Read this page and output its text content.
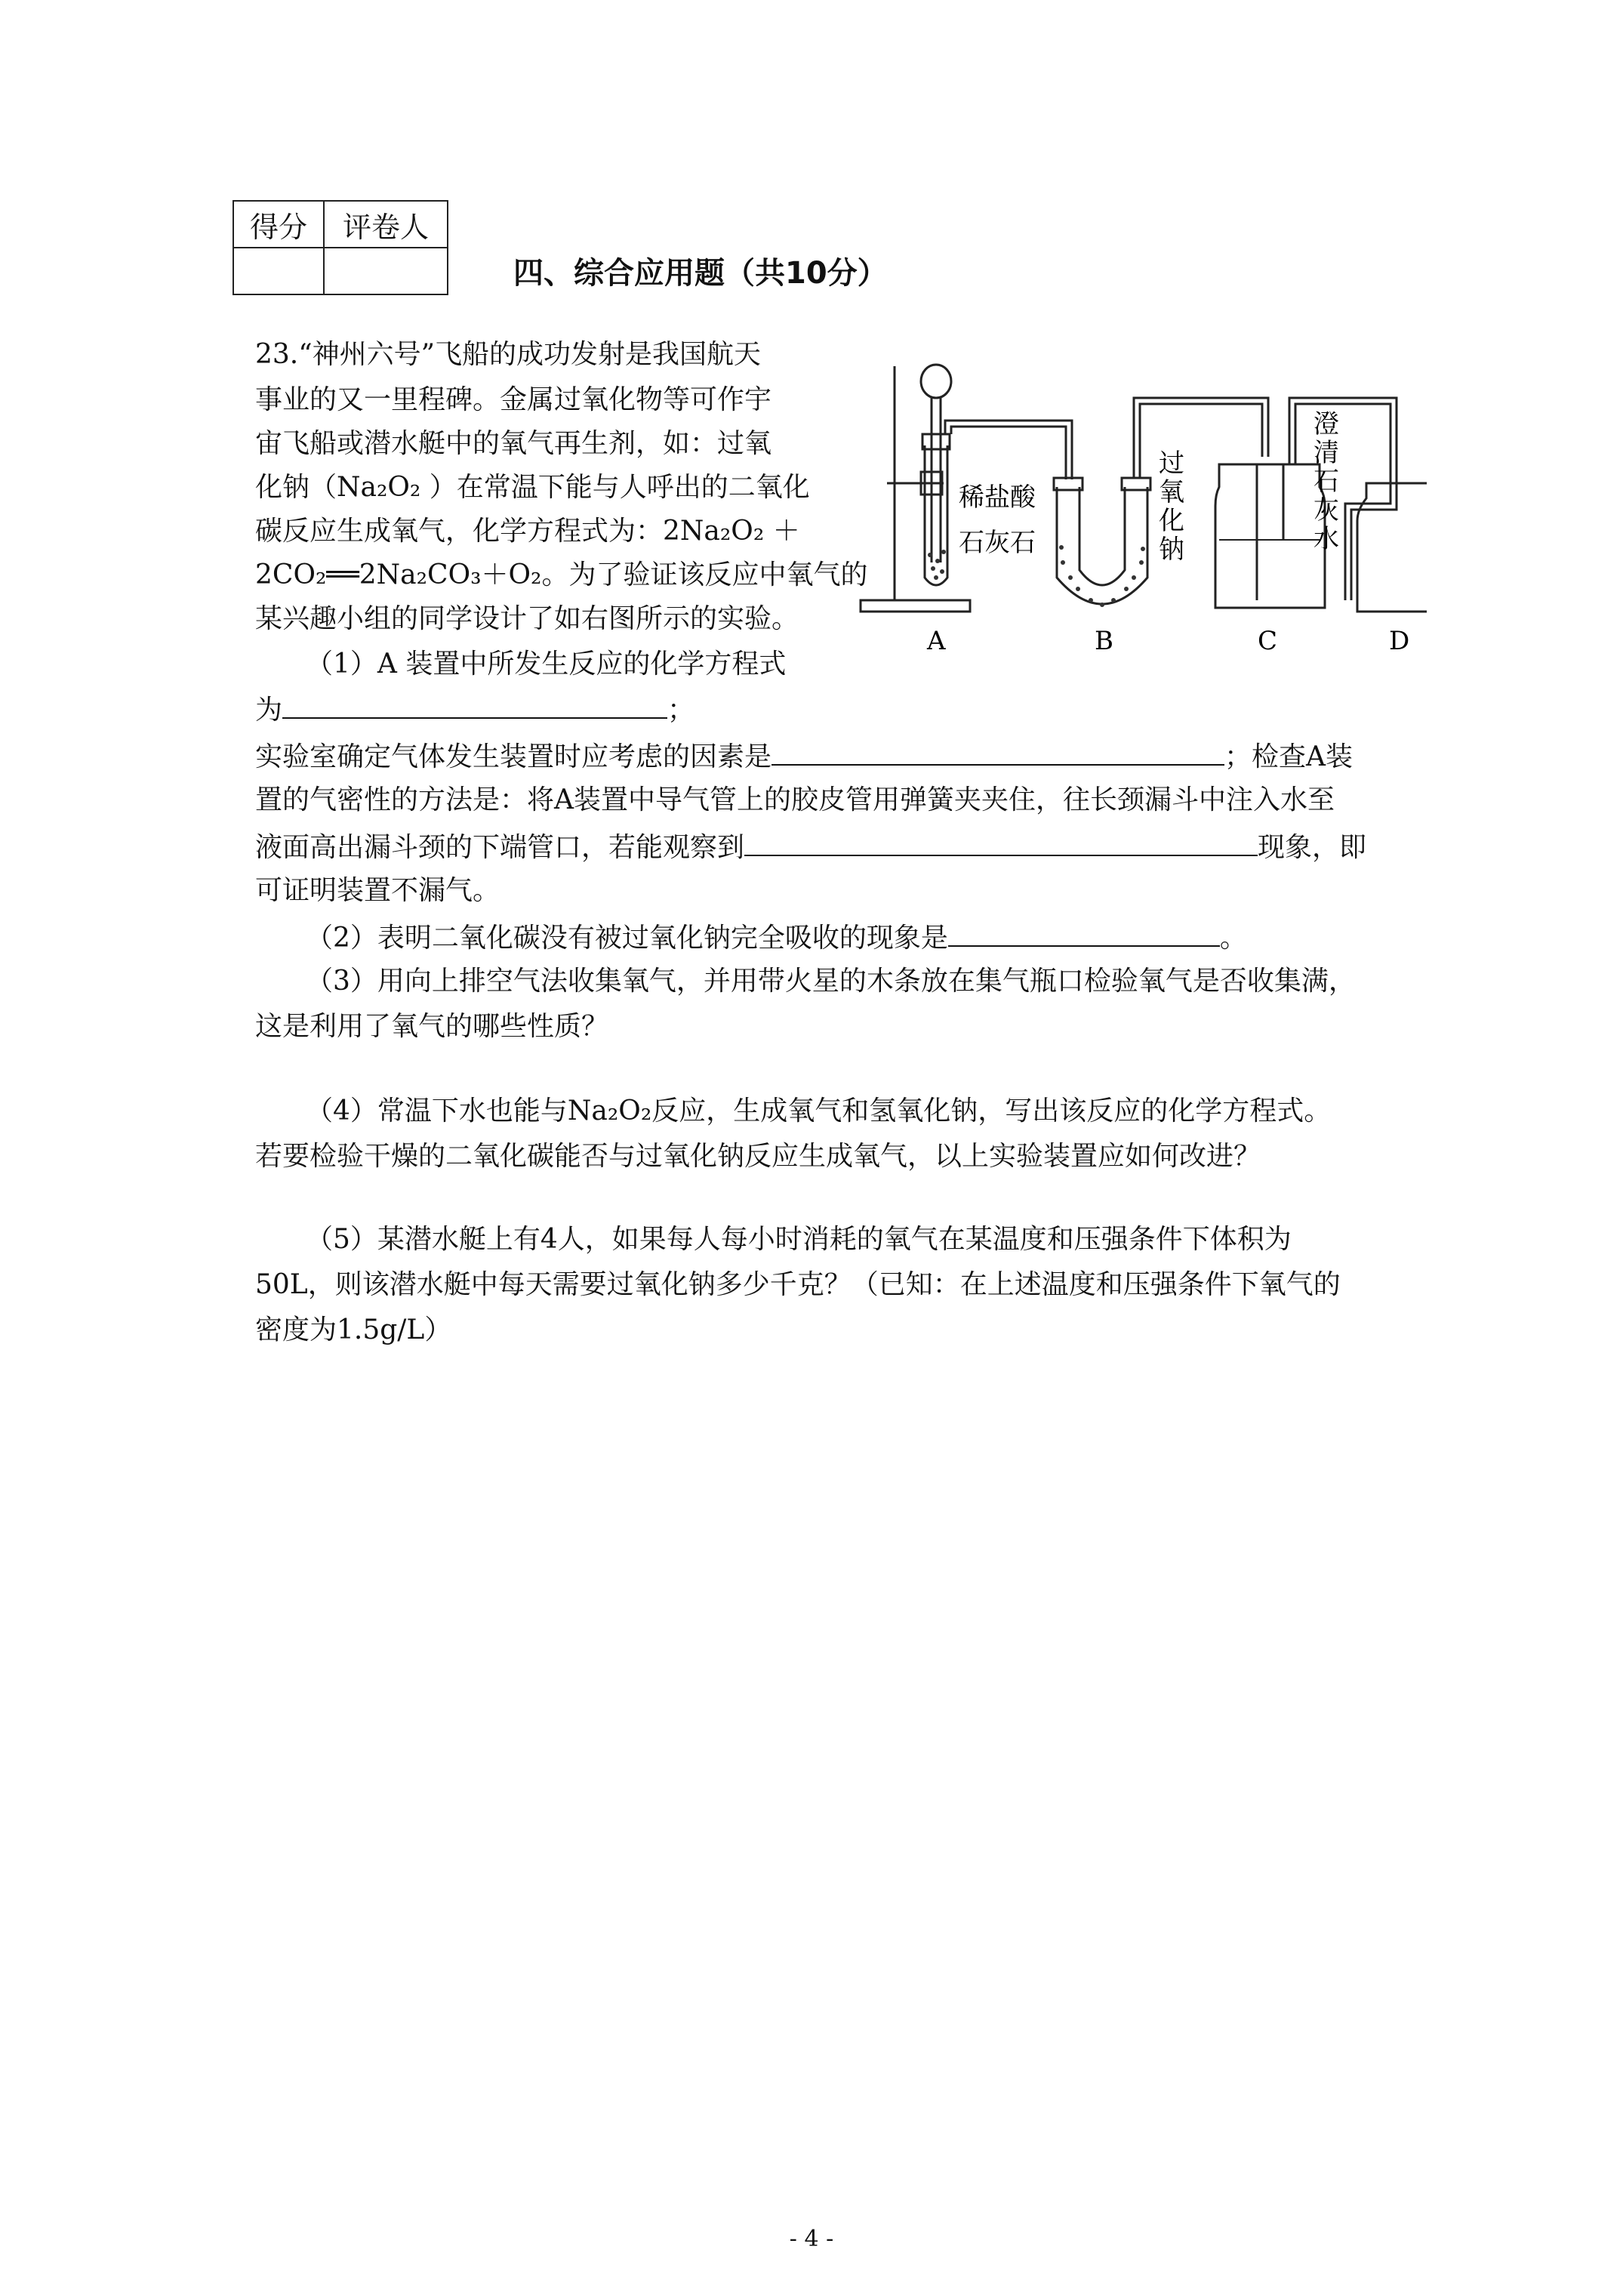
得分	评卷人

四、综合应用题（共10分）
23.“神州六号”飞船的成功发射是我国航天
事业的又一里程碑。金属过氧化物等可作宇
宙飞船或潜水艇中的氧气再生剂，如：过氧
化钠（Na₂O₂ ）在常温下能与人呼出的二氧化
碳反应生成氧气，化学方程式为：2Na₂O₂ ＋
2CO₂══2Na₂CO₃＋O₂。为了验证该反应中氧气的
某兴趣小组的同学设计了如右图所示的实验。
（1）A 装置中所发生反应的化学方程式
为	；
实验室确定气体发生装置时应考虑的因素是	；检查A装
置的气密性的方法是：将A装置中导气管上的胶皮管用弹簧夹夹住，往长颈漏斗中注入水至
液面高出漏斗颈的下端管口，若能观察到	现象，即
可证明装置不漏气。
（2）表明二氧化碳没有被过氧化钠完全吸收的现象是	。
（3）用向上排空气法收集氧气，并用带火星的木条放在集气瓶口检验氧气是否收集满，
这是利用了氧气的哪些性质？
（4）常温下水也能与Na₂O₂反应，生成氧气和氢氧化钠，写出该反应的化学方程式。
若要检验干燥的二氧化碳能否与过氧化钠反应生成氧气，以上实验装置应如何改进？
（5）某潜水艇上有4人，如果每人每小时消耗的氧气在某温度和压强条件下体积为
50L，则该潜水艇中每天需要过氧化钠多少千克？（已知：在上述温度和压强条件下氧气的
密度为1.5g/L）
稀盐酸
石灰石
过
氧
化
钠
澄
清
石
灰
水
A	B	C	D
- 4 -
